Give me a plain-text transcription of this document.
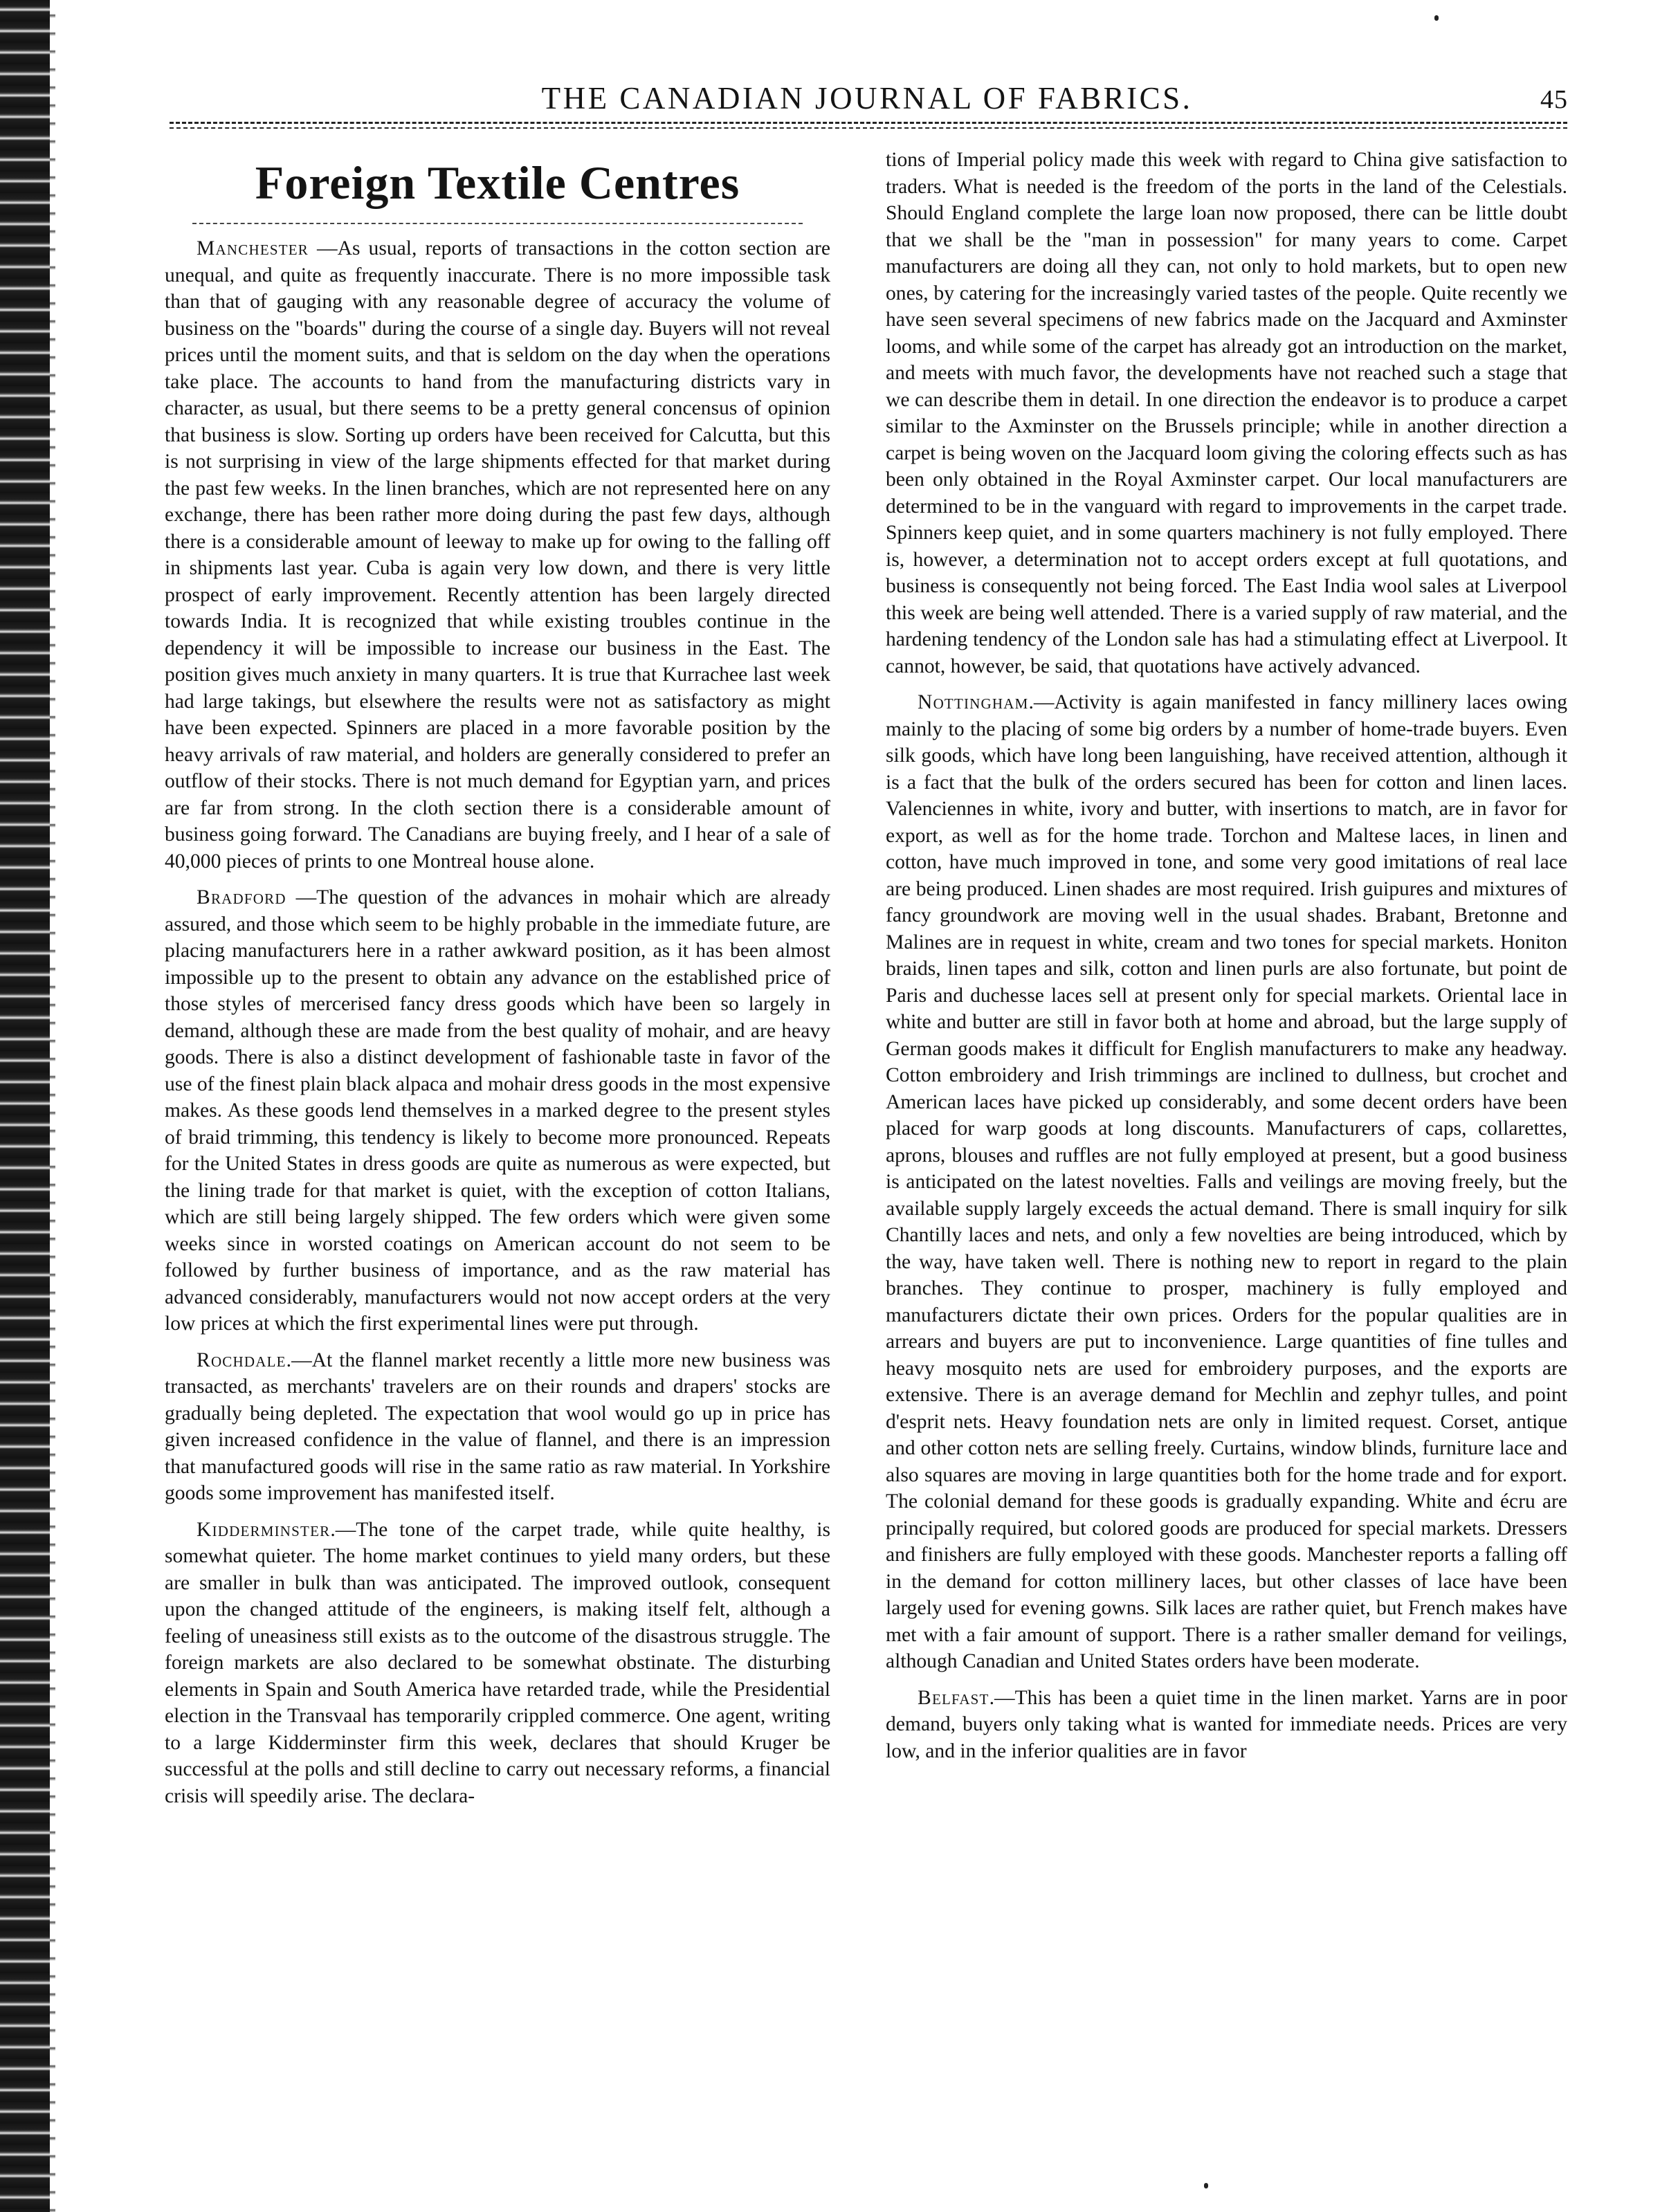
THE CANADIAN JOURNAL OF FABRICS.	45
Foreign Textile Centres

Manchester —As usual, reports of transactions in the cotton section are unequal, and quite as frequently inaccurate. There is no more impossible task than that of gauging with any reasonable degree of accuracy the volume of business on the "boards" during the course of a single day. Buyers will not reveal prices until the moment suits, and that is seldom on the day when the operations take place. The accounts to hand from the manufacturing districts vary in character, as usual, but there seems to be a pretty general concensus of opinion that business is slow. Sorting up orders have been received for Calcutta, but this is not surprising in view of the large shipments effected for that market during the past few weeks. In the linen branches, which are not represented here on any exchange, there has been rather more doing during the past few days, although there is a considerable amount of leeway to make up for owing to the falling off in shipments last year. Cuba is again very low down, and there is very little prospect of early improvement. Recently attention has been largely directed towards India. It is recognized that while existing troubles continue in the dependency it will be impossible to increase our business in the East. The position gives much anxiety in many quarters. It is true that Kurrachee last week had large takings, but elsewhere the results were not as satisfactory as might have been expected. Spinners are placed in a more favorable position by the heavy arrivals of raw material, and holders are generally considered to prefer an outflow of their stocks. There is not much demand for Egyptian yarn, and prices are far from strong. In the cloth section there is a considerable amount of business going forward. The Canadians are buying freely, and I hear of a sale of 40,000 pieces of prints to one Montreal house alone.

Bradford —The question of the advances in mohair which are already assured, and those which seem to be highly probable in the immediate future, are placing manufacturers here in a rather awkward position, as it has been almost impossible up to the present to obtain any advance on the established price of those styles of mercerised fancy dress goods which have been so largely in demand, although these are made from the best quality of mohair, and are heavy goods. There is also a distinct development of fashionable taste in favor of the use of the finest plain black alpaca and mohair dress goods in the most expensive makes. As these goods lend themselves in a marked degree to the present styles of braid trimming, this tendency is likely to become more pronounced. Repeats for the United States in dress goods are quite as numerous as were expected, but the lining trade for that market is quiet, with the exception of cotton Italians, which are still being largely shipped. The few orders which were given some weeks since in worsted coatings on American account do not seem to be followed by further business of importance, and as the raw material has advanced considerably, manufacturers would not now accept orders at the very low prices at which the first experimental lines were put through.

Rochdale.—At the flannel market recently a little more new business was transacted, as merchants' travelers are on their rounds and drapers' stocks are gradually being depleted. The expectation that wool would go up in price has given increased confidence in the value of flannel, and there is an impression that manufactured goods will rise in the same ratio as raw material. In Yorkshire goods some improvement has manifested itself.

Kidderminster.—The tone of the carpet trade, while quite healthy, is somewhat quieter. The home market continues to yield many orders, but these are smaller in bulk than was anticipated. The improved outlook, consequent upon the changed attitude of the engineers, is making itself felt, although a feeling of uneasiness still exists as to the outcome of the disastrous struggle. The foreign markets are also declared to be somewhat obstinate. The disturbing elements in Spain and South America have retarded trade, while the Presidential election in the Transvaal has temporarily crippled commerce. One agent, writing to a large Kidderminster firm this week, declares that should Kruger be successful at the polls and still decline to carry out necessary reforms, a financial crisis will speedily arise. The declara-

tions of Imperial policy made this week with regard to China give satisfaction to traders. What is needed is the freedom of the ports in the land of the Celestials. Should England complete the large loan now proposed, there can be little doubt that we shall be the "man in possession" for many years to come. Carpet manufacturers are doing all they can, not only to hold markets, but to open new ones, by catering for the increasingly varied tastes of the people. Quite recently we have seen several specimens of new fabrics made on the Jacquard and Axminster looms, and while some of the carpet has already got an introduction on the market, and meets with much favor, the developments have not reached such a stage that we can describe them in detail. In one direction the endeavor is to produce a carpet similar to the Axminster on the Brussels principle; while in another direction a carpet is being woven on the Jacquard loom giving the coloring effects such as has been only obtained in the Royal Axminster carpet. Our local manufacturers are determined to be in the vanguard with regard to improvements in the carpet trade. Spinners keep quiet, and in some quarters machinery is not fully employed. There is, however, a determination not to accept orders except at full quotations, and business is consequently not being forced. The East India wool sales at Liverpool this week are being well attended. There is a varied supply of raw material, and the hardening tendency of the London sale has had a stimulating effect at Liverpool. It cannot, however, be said, that quotations have actively advanced.

Nottingham.—Activity is again manifested in fancy millinery laces owing mainly to the placing of some big orders by a number of home-trade buyers. Even silk goods, which have long been languishing, have received attention, although it is a fact that the bulk of the orders secured has been for cotton and linen laces. Valenciennes in white, ivory and butter, with insertions to match, are in favor for export, as well as for the home trade. Torchon and Maltese laces, in linen and cotton, have much improved in tone, and some very good imitations of real lace are being produced. Linen shades are most required. Irish guipures and mixtures of fancy groundwork are moving well in the usual shades. Brabant, Bretonne and Malines are in request in white, cream and two tones for special markets. Honiton braids, linen tapes and silk, cotton and linen purls are also fortunate, but point de Paris and duchesse laces sell at present only for special markets. Oriental lace in white and butter are still in favor both at home and abroad, but the large supply of German goods makes it difficult for English manufacturers to make any headway. Cotton embroidery and Irish trimmings are inclined to dullness, but crochet and American laces have picked up considerably, and some decent orders have been placed for warp goods at long discounts. Manufacturers of caps, collarettes, aprons, blouses and ruffles are not fully employed at present, but a good business is anticipated on the latest novelties. Falls and veilings are moving freely, but the available supply largely exceeds the actual demand. There is small inquiry for silk Chantilly laces and nets, and only a few novelties are being introduced, which by the way, have taken well. There is nothing new to report in regard to the plain branches. They continue to prosper, machinery is fully employed and manufacturers dictate their own prices. Orders for the popular qualities are in arrears and buyers are put to inconvenience. Large quantities of fine tulles and heavy mosquito nets are used for embroidery purposes, and the exports are extensive. There is an average demand for Mechlin and zephyr tulles, and point d'esprit nets. Heavy foundation nets are only in limited request. Corset, antique and other cotton nets are selling freely. Curtains, window blinds, furniture lace and also squares are moving in large quantities both for the home trade and for export. The colonial demand for these goods is gradually expanding. White and écru are principally required, but colored goods are produced for special markets. Dressers and finishers are fully employed with these goods. Manchester reports a falling off in the demand for cotton millinery laces, but other classes of lace have been largely used for evening gowns. Silk laces are rather quiet, but French makes have met with a fair amount of support. There is a rather smaller demand for veilings, although Canadian and United States orders have been moderate.

Belfast.—This has been a quiet time in the linen market. Yarns are in poor demand, buyers only taking what is wanted for immediate needs. Prices are very low, and in the inferior qualities are in favor
